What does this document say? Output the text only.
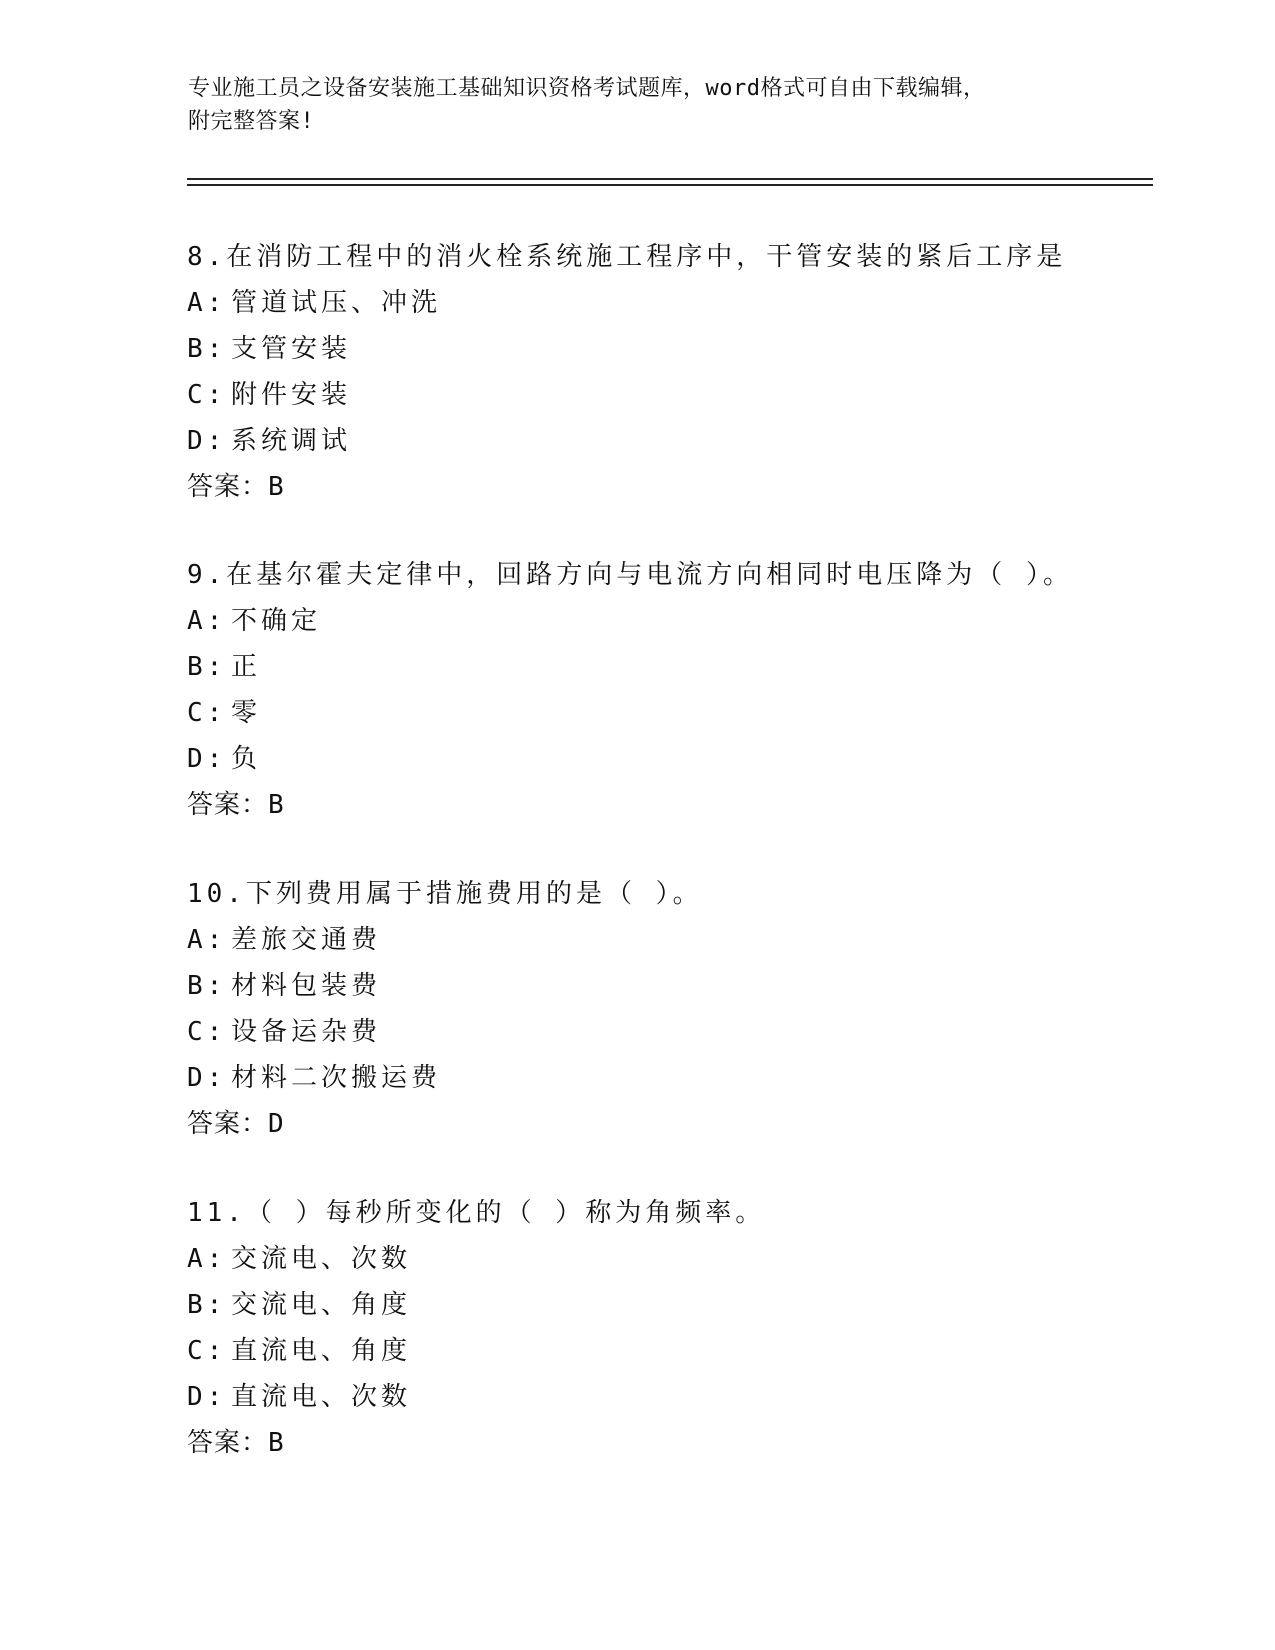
专业施工员之设备安装施工基础知识资格考试题库，word格式可自由下载编辑，
附完整答案!
8.在消防工程中的消火栓系统施工程序中，干管安装的紧后工序是
A: 管道试压、冲洗
B: 支管安装
C: 附件安装
D: 系统调试
答案：B
9.在基尔霍夫定律中，回路方向与电流方向相同时电压降为（ ）。
A: 不确定
B: 正
C: 零
D: 负
答案：B
10.下列费用属于措施费用的是（ ）。
A: 差旅交通费
B: 材料包装费
C: 设备运杂费
D: 材料二次搬运费
答案：D
11.（ ）每秒所变化的（ ）称为角频率。
A: 交流电、次数
B: 交流电、角度
C: 直流电、角度
D: 直流电、次数
答案：B
